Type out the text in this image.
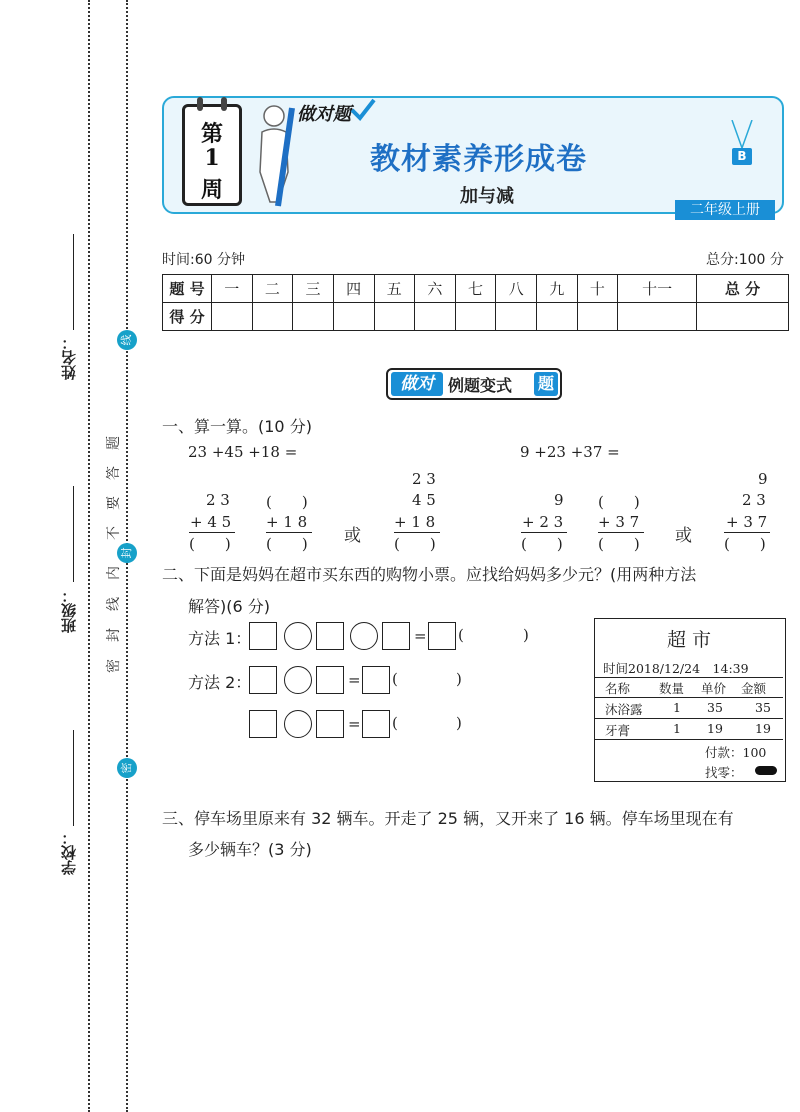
姓名：
班级：
学校：
线
封
密
密
封
线
内
不
要
答
题
第
1
周
做对题
教材素养形成卷
加与减
B
二年级上册
时间:60 分钟	总分:100 分
题 号	一	二	三	四	五	六	七	八	九	十	十一	总 分
得 分												
做对 例题变式 题
一、算一算。(10 分)
23 +45 +18 =	9 +23 +37 =
2 3
+ 4 5
(　　)
(　　)
+ 1 8
(　　) 或
2 3
4 5
+ 1 8
(　　)
9
+ 2 3
(　　)
(　　)
+ 3 7
(　　) 或
9
2 3
+ 3 7
(　　)
二、下面是妈妈在超市买东西的购物小票。应找给妈妈多少元？(用两种方法
解答)(6 分)
方法 1：	= (	)
方法 2：	= (	)
= (	)
超 市
时间2018/12/24　14:39
名称 数量 单价 金额
沐浴露 1 35	35
牙膏	1 19	19
付款：100
找零：
三、停车场里原来有 32 辆车。开走了 25 辆，又开来了 16 辆。停车场里现在有
多少辆车？(3 分)
